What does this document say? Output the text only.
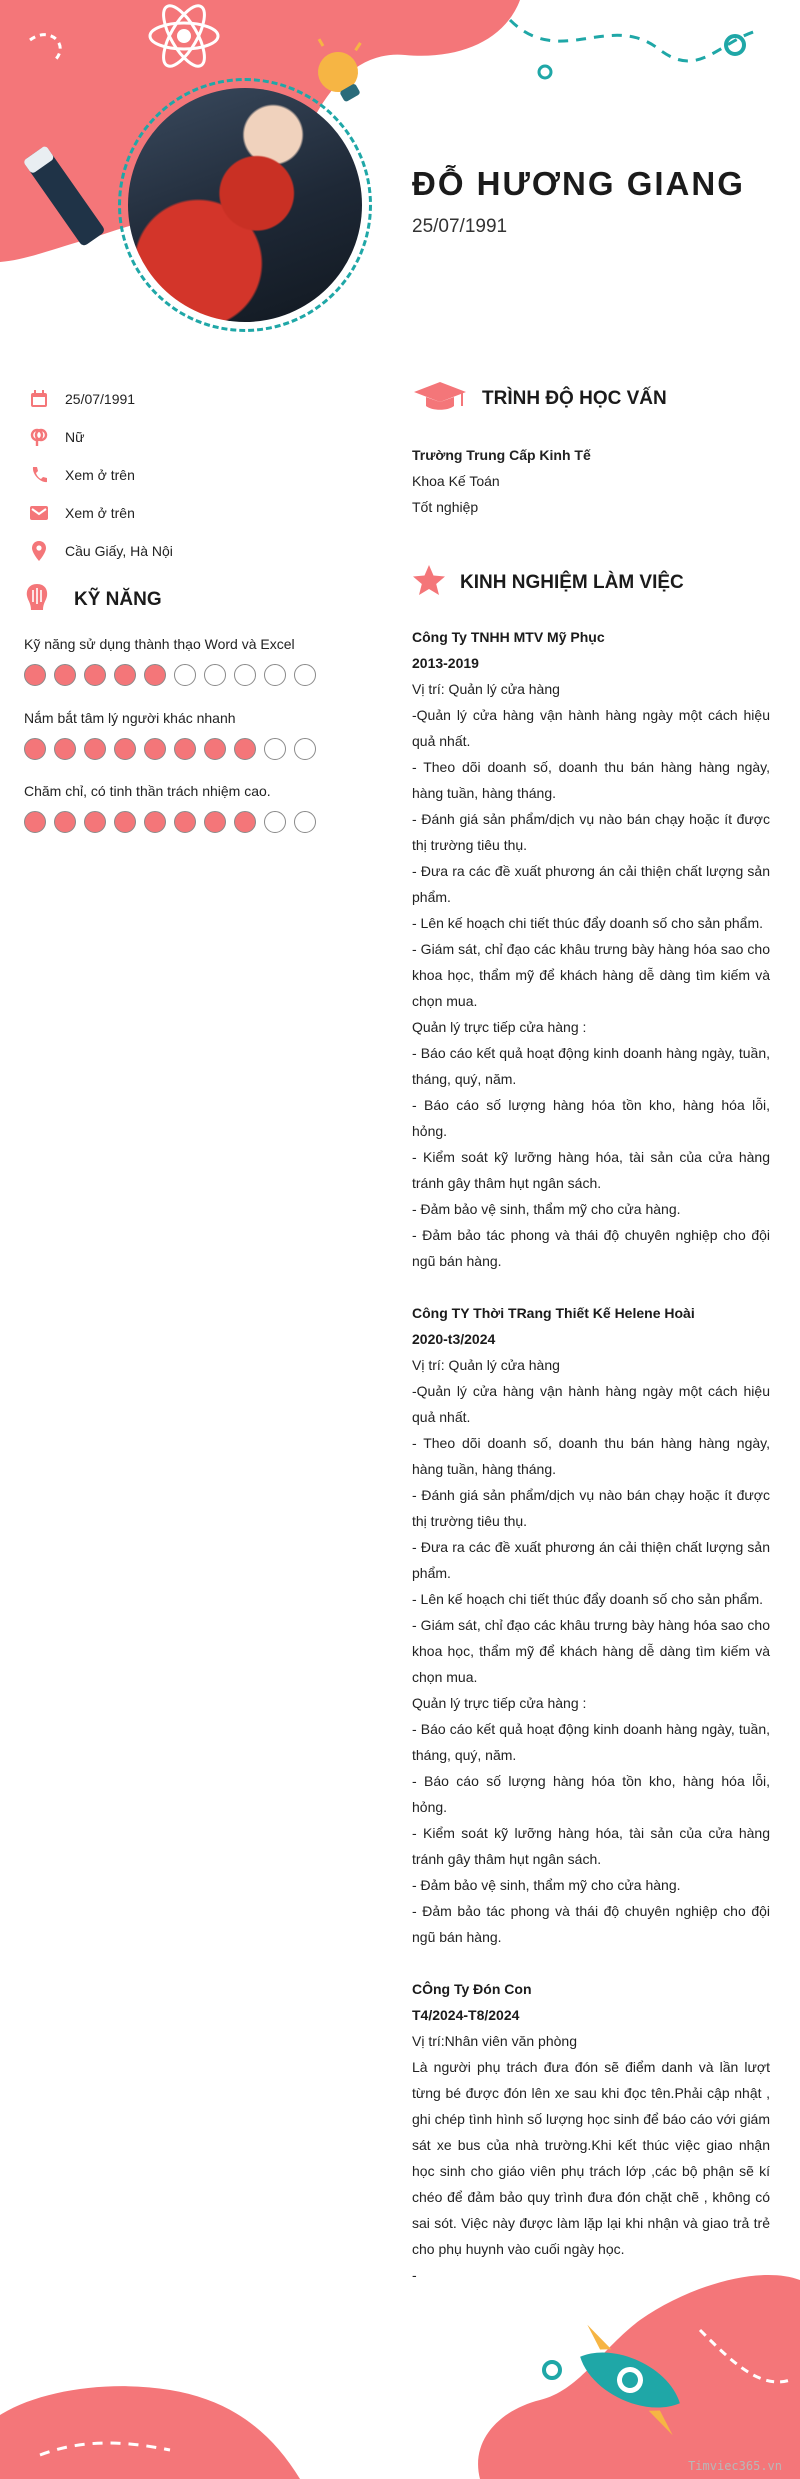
ĐỖ HƯƠNG GIANG
25/07/1991
25/07/1991
Nữ
Xem ở trên
Xem ở trên
Cầu Giấy, Hà Nội
KỸ NĂNG
Kỹ năng sử dụng thành thạo Word và Excel
Nắm bắt tâm lý người khác nhanh
Chăm chỉ, có tinh thần trách nhiệm cao.
TRÌNH ĐỘ HỌC VẤN
Trường Trung Cấp Kinh Tế
Khoa Kế Toán
Tốt nghiệp
KINH NGHIỆM LÀM VIỆC
Công Ty TNHH MTV Mỹ Phục
2013-2019
Vị trí: Quản lý cửa hàng
-Quản lý cửa hàng vận hành hàng ngày một cách hiệu quả nhất.
- Theo dõi doanh số, doanh thu bán hàng hàng ngày, hàng tuần, hàng tháng.
- Đánh giá sản phẩm/dịch vụ nào bán chạy hoặc ít được thị trường tiêu thụ.
- Đưa ra các đề xuất phương án cải thiện chất lượng sản phẩm.
- Lên kế hoạch chi tiết thúc đẩy doanh số cho sản phẩm.
- Giám sát, chỉ đạo các khâu trưng bày hàng hóa sao cho khoa học, thẩm mỹ để khách hàng dễ dàng tìm kiếm và chọn mua.
Quản lý trực tiếp cửa hàng :
- Báo cáo kết quả hoạt động kinh doanh hàng ngày, tuần, tháng, quý, năm.
- Báo cáo số lượng hàng hóa tồn kho, hàng hóa lỗi, hỏng.
- Kiểm soát kỹ lưỡng hàng hóa, tài sản của cửa hàng tránh gây thâm hụt ngân sách.
- Đảm bảo vệ sinh, thẩm mỹ cho cửa hàng.
- Đảm bảo tác phong và thái độ chuyên nghiệp cho đội ngũ bán hàng.
Công TY Thời TRang Thiết Kế Helene Hoài
2020-t3/2024
Vị trí: Quản lý cửa hàng
-Quản lý cửa hàng vận hành hàng ngày một cách hiệu quả nhất.
- Theo dõi doanh số, doanh thu bán hàng hàng ngày, hàng tuần, hàng tháng.
- Đánh giá sản phẩm/dịch vụ nào bán chạy hoặc ít được thị trường tiêu thụ.
- Đưa ra các đề xuất phương án cải thiện chất lượng sản phẩm.
- Lên kế hoạch chi tiết thúc đẩy doanh số cho sản phẩm.
- Giám sát, chỉ đạo các khâu trưng bày hàng hóa sao cho khoa học, thẩm mỹ để khách hàng dễ dàng tìm kiếm và chọn mua.
Quản lý trực tiếp cửa hàng :
- Báo cáo kết quả hoạt động kinh doanh hàng ngày, tuần, tháng, quý, năm.
- Báo cáo số lượng hàng hóa tồn kho, hàng hóa lỗi, hỏng.
- Kiểm soát kỹ lưỡng hàng hóa, tài sản của cửa hàng tránh gây thâm hụt ngân sách.
- Đảm bảo vệ sinh, thẩm mỹ cho cửa hàng.
- Đảm bảo tác phong và thái độ chuyên nghiệp cho đội ngũ bán hàng.
CÔng Ty Đón Con
T4/2024-T8/2024
Vị trí:Nhân viên văn phòng
Là người phụ trách đưa đón sẽ điểm danh và lần lượt từng bé được đón lên xe sau khi đọc tên.Phải cập nhật , ghi chép tình hình số lượng học sinh để báo cáo với giám sát xe bus của nhà trường.Khi kết thúc việc giao nhận học sinh cho giáo viên phụ trách lớp ,các bộ phận sẽ kí chéo để đảm bảo quy trình đưa đón chặt chẽ , không có sai sót. Việc này được làm lặp lại khi nhận và giao trả trẻ cho phụ huynh vào cuối ngày học.
-
Timviec365.vn
